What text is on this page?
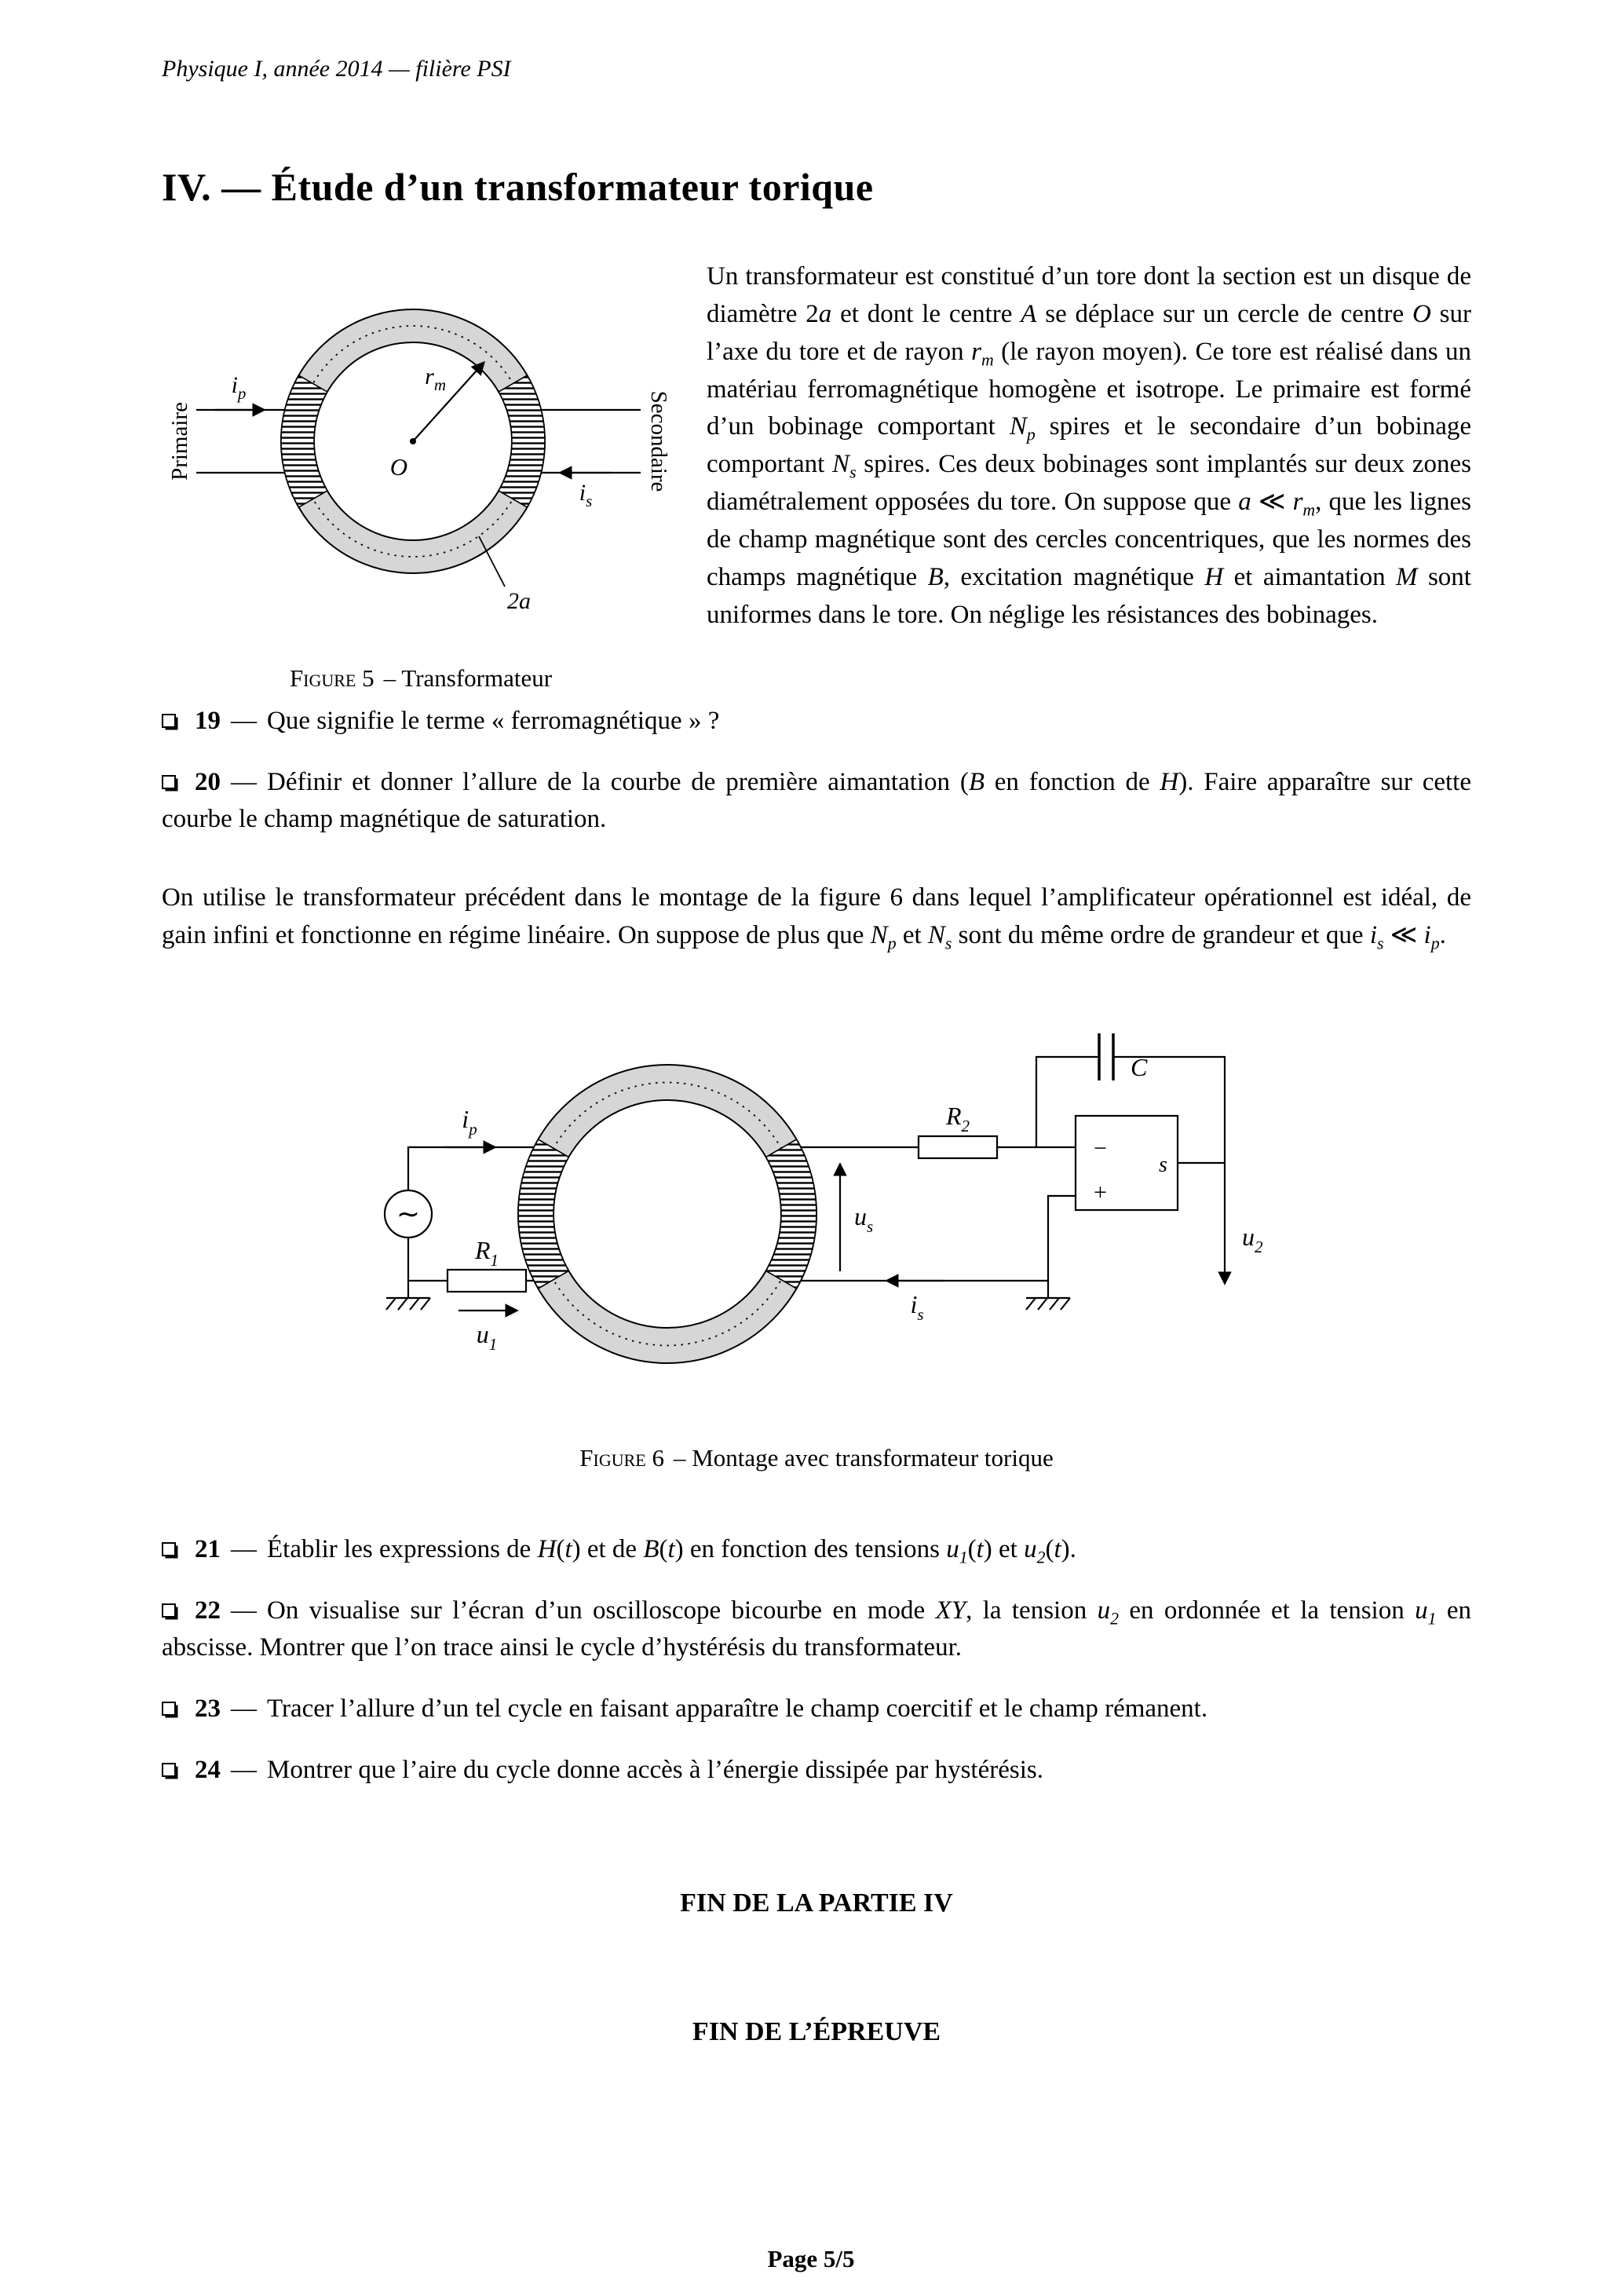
Physique I, année 2014 — filière PSI
IV. — Étude d’un transformateur torique
$i_p$
$i_s$
$r_m$
O
2a
Primaire	Secondaire
Figure 5 – Transformateur

Un transformateur est constitué d’un tore dont la section est un disque de diamètre 2a et dont le centre A se déplace sur un cercle de centre O sur l’axe du tore et de rayon $r_m$ (le rayon moyen). Ce tore est réalisé dans un matériau ferromagnétique homogène et isotrope. Le primaire est formé d’un bobinage comportant $N_p$ spires et le secondaire d’un bobinage comportant $N_s$ spires. Ces deux bobinages sont implantés sur deux zones diamétralement opposées du tore. On suppose que a ≪ $r_m$, que les lignes de champ magnétique sont des cercles concentriques, que les normes des champs magnétique B, excitation magnétique H et aimantation M sont uniformes dans le tore. On néglige les résistances des bobinages.

19 — Que signifie le terme « ferromagnétique » ?

20 — Définir et donner l’allure de la courbe de première aimantation (B en fonction de H). Faire apparaître sur cette courbe le champ magnétique de saturation.

On utilise le transformateur précédent dans le montage de la figure 6 dans lequel l’amplificateur opérationnel est idéal, de gain infini et fonctionne en régime linéaire. On suppose de plus que $N_p$ et $N_s$ sont du même ordre de grandeur et que $i_s$ ≪ $i_p$.

∼
−
+
s
C
$i_p$
$R_1$
$u_1$
$R_2$
$u_s$
$i_s$
$u_2$
Figure 6 – Montage avec transformateur torique

21 — Établir les expressions de H(t) et de B(t) en fonction des tensions $u_1(t)$ et $u_2(t)$.

22 — On visualise sur l’écran d’un oscilloscope bicourbe en mode XY, la tension $u_2$ en ordonnée et la tension $u_1$ en abscisse. Montrer que l’on trace ainsi le cycle d’hystérésis du transformateur.

23 — Tracer l’allure d’un tel cycle en faisant apparaître le champ coercitif et le champ rémanent.

24 — Montrer que l’aire du cycle donne accès à l’énergie dissipée par hystérésis.

FIN DE LA PARTIE IV
FIN DE L’ÉPREUVE
Page 5/5
